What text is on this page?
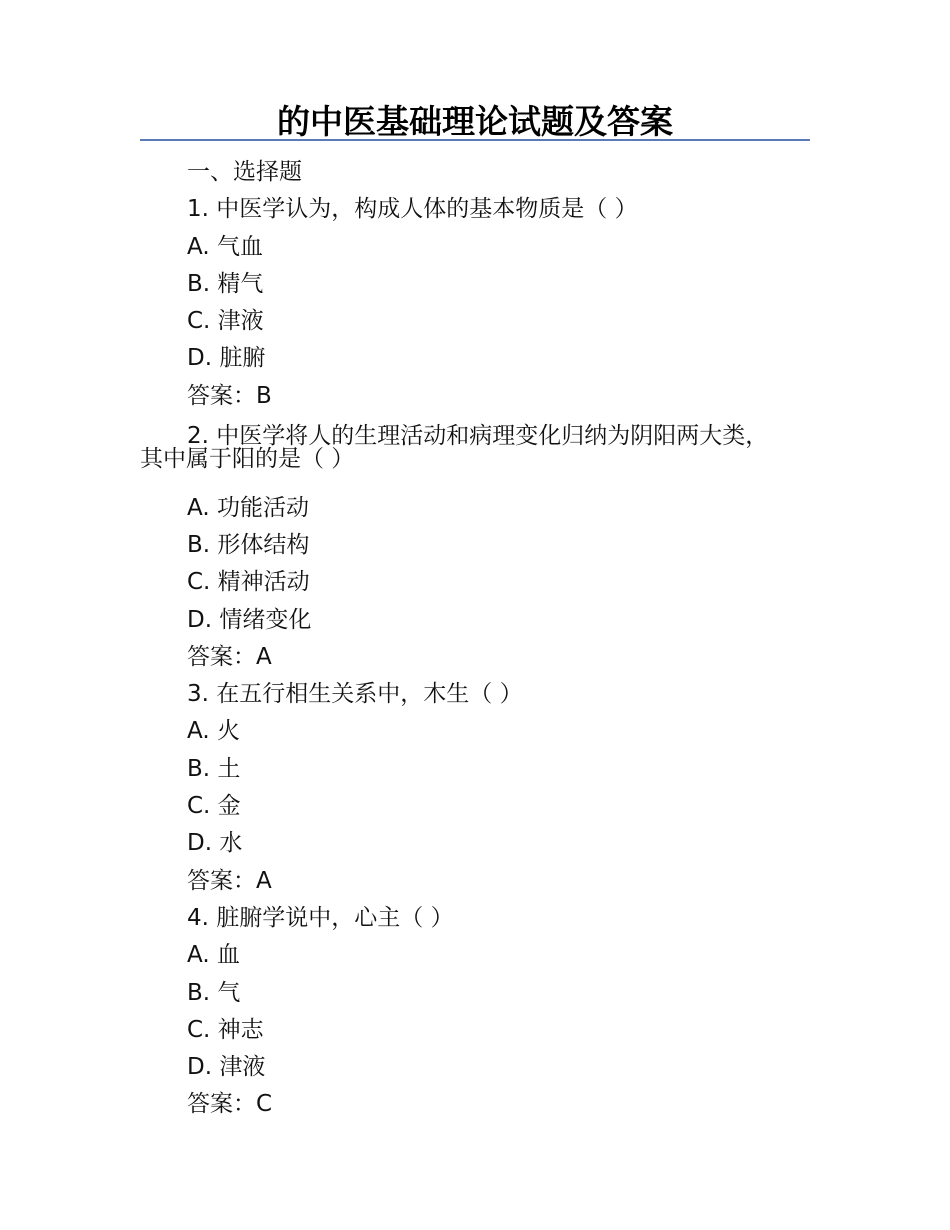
的中医基础理论试题及答案
一、选择题
1. 中医学认为，构成人体的基本物质是（ ）
A. 气血
B. 精气
C. 津液
D. 脏腑
答案：B
2. 中医学将人的生理活动和病理变化归纳为阴阳两大类，
其中属于阳的是（ ）
A. 功能活动
B. 形体结构
C. 精神活动
D. 情绪变化
答案：A
3. 在五行相生关系中，木生（ ）
A. 火
B. 土
C. 金
D. 水
答案：A
4. 脏腑学说中，心主（ ）
A. 血
B. 气
C. 神志
D. 津液
答案：C
